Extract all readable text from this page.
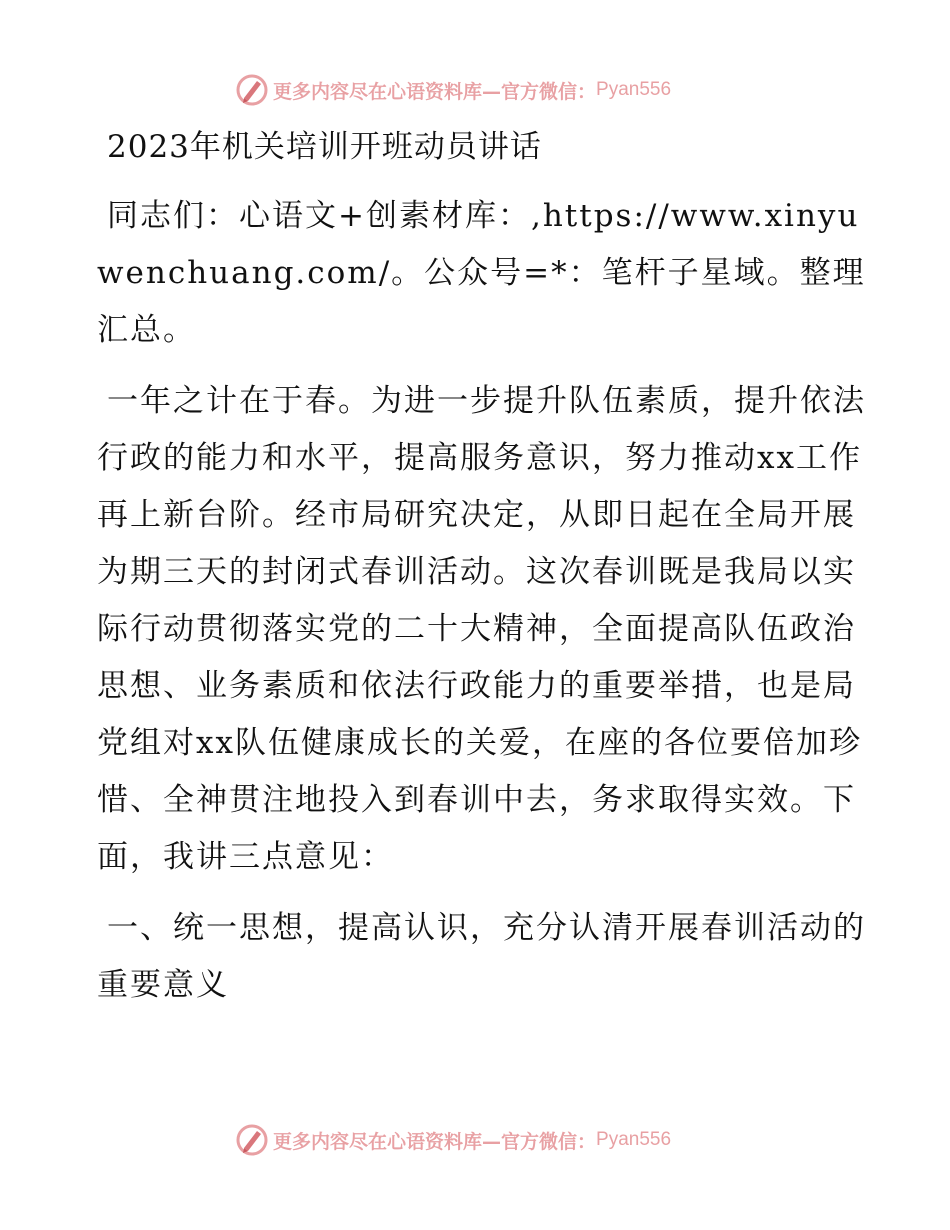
更多内容尽在心语资料库—官方微信： Pyan556
2023年机关培训开班动员讲话

同志们：心语文+创素材库：,https://www.xinyuwenchuang.com/。公众号=*：笔杆子星域。整理汇总。

一年之计在于春。为进一步提升队伍素质，提升依法行政的能力和水平，提高服务意识，努力推动xx工作再上新台阶。经市局研究决定，从即日起在全局开展为期三天的封闭式春训活动。这次春训既是我局以实际行动贯彻落实党的二十大精神，全面提高队伍政治思想、业务素质和依法行政能力的重要举措，也是局党组对xx队伍健康成长的关爱，在座的各位要倍加珍惜、全神贯注地投入到春训中去，务求取得实效。下面，我讲三点意见：

一、统一思想，提高认识，充分认清开展春训活动的重要意义

更多内容尽在心语资料库—官方微信： Pyan556
